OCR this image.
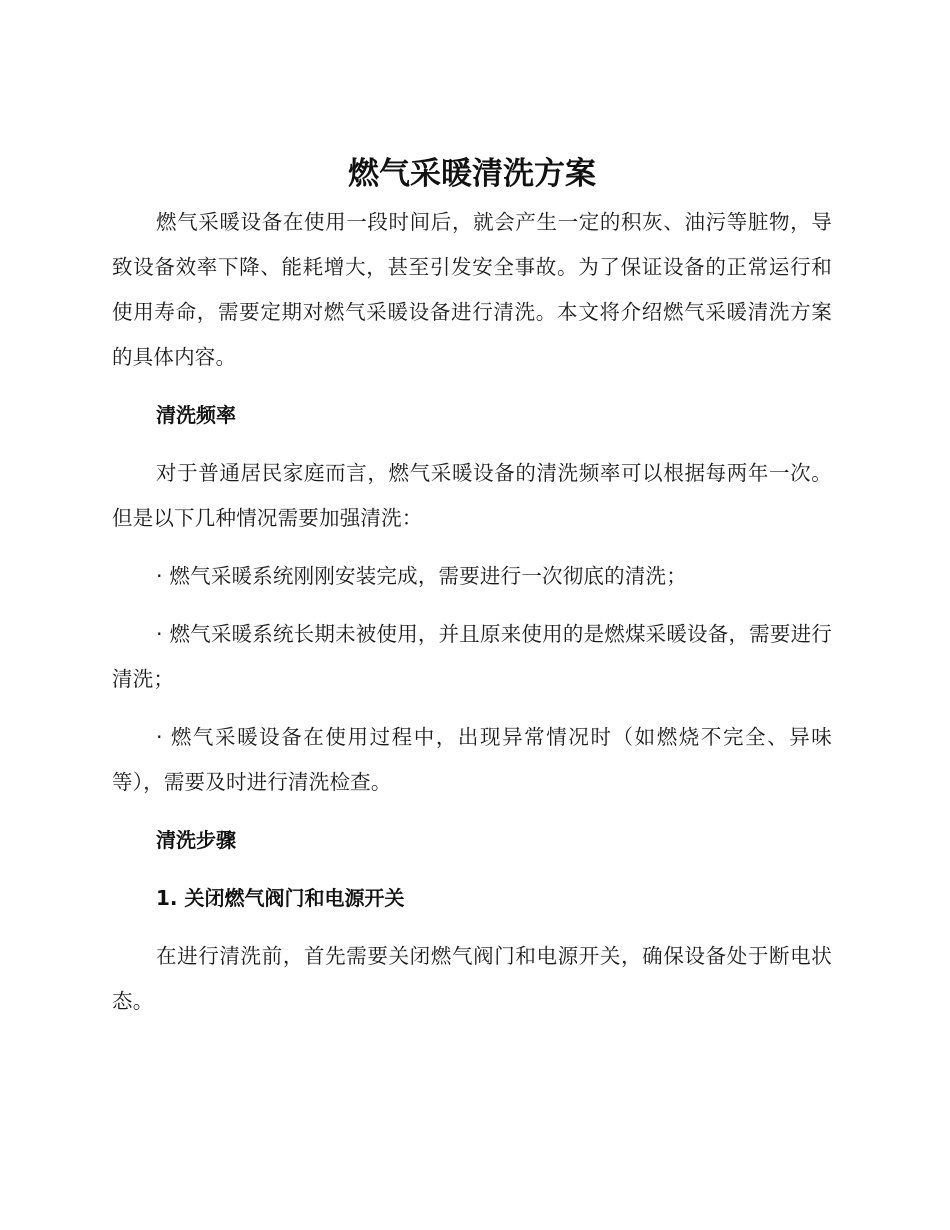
燃气采暖清洗方案

燃气采暖设备在使用一段时间后，就会产生一定的积灰、油污等脏物，导致设备效率下降、能耗增大，甚至引发安全事故。为了保证设备的正常运行和使用寿命，需要定期对燃气采暖设备进行清洗。本文将介绍燃气采暖清洗方案的具体内容。

清洗频率

对于普通居民家庭而言，燃气采暖设备的清洗频率可以根据每两年一次。但是以下几种情况需要加强清洗：

· 燃气采暖系统刚刚安装完成，需要进行一次彻底的清洗；

· 燃气采暖系统长期未被使用，并且原来使用的是燃煤采暖设备，需要进行清洗；

· 燃气采暖设备在使用过程中，出现异常情况时（如燃烧不完全、异味等），需要及时进行清洗检查。

清洗步骤
1. 关闭燃气阀门和电源开关

在进行清洗前，首先需要关闭燃气阀门和电源开关，确保设备处于断电状态。
